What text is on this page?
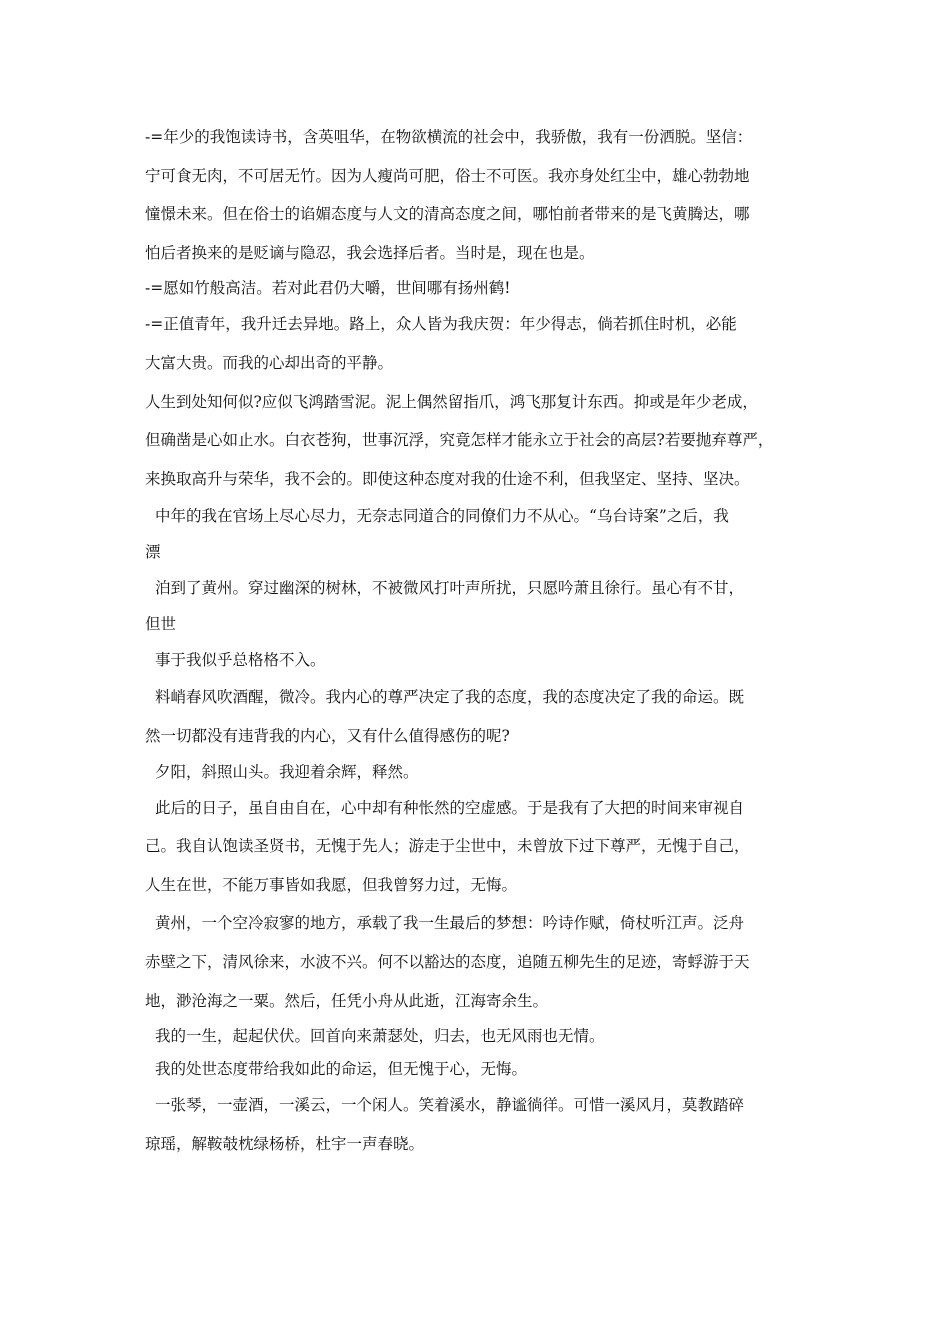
-=年少的我饱读诗书，含英咀华，在物欲横流的社会中，我骄傲，我有一份洒脱。坚信：
宁可食无肉，不可居无竹。因为人瘦尚可肥，俗士不可医。我亦身处红尘中，雄心勃勃地
憧憬未来。但在俗士的谄媚态度与人文的清高态度之间，哪怕前者带来的是飞黄腾达，哪
怕后者换来的是贬谪与隐忍，我会选择后者。当时是，现在也是。
-=愿如竹般高洁。若对此君仍大嚼，世间哪有扬州鹤!
-=正值青年，我升迁去异地。路上，众人皆为我庆贺：年少得志，倘若抓住时机，必能
大富大贵。而我的心却出奇的平静。
人生到处知何似?应似飞鸿踏雪泥。泥上偶然留指爪，鸿飞那复计东西。抑或是年少老成，
但确凿是心如止水。白衣苍狗，世事沉浮，究竟怎样才能永立于社会的高层?若要抛弃尊严，
来换取高升与荣华，我不会的。即使这种态度对我的仕途不利，但我坚定、坚持、坚决。
中年的我在官场上尽心尽力，无奈志同道合的同僚们力不从心。“乌台诗案”之后，我
漂
泊到了黄州。穿过幽深的树林，不被微风打叶声所扰，只愿吟萧且徐行。虽心有不甘，
但世
事于我似乎总格格不入。
料峭春风吹酒醒，微冷。我内心的尊严决定了我的态度，我的态度决定了我的命运。既
然一切都没有违背我的内心，又有什么值得感伤的呢?
夕阳，斜照山头。我迎着余辉，释然。
此后的日子，虽自由自在，心中却有种怅然的空虚感。于是我有了大把的时间来审视自
己。我自认饱读圣贤书，无愧于先人；游走于尘世中，未曾放下过下尊严，无愧于自己，
人生在世，不能万事皆如我愿，但我曾努力过，无悔。
黄州，一个空冷寂寥的地方，承载了我一生最后的梦想：吟诗作赋，倚杖听江声。泛舟
赤壁之下，清风徐来，水波不兴。何不以豁达的态度，追随五柳先生的足迹，寄蜉游于天
地，渺沧海之一粟。然后，任凭小舟从此逝，江海寄余生。
我的一生，起起伏伏。回首向来萧瑟处，归去，也无风雨也无情。
我的处世态度带给我如此的命运，但无愧于心，无悔。
一张琴，一壶酒，一溪云，一个闲人。笑着溪水，静谧徜徉。可惜一溪风月，莫教踏碎
琼瑶，解鞍攲枕绿杨桥，杜宇一声春晓。
